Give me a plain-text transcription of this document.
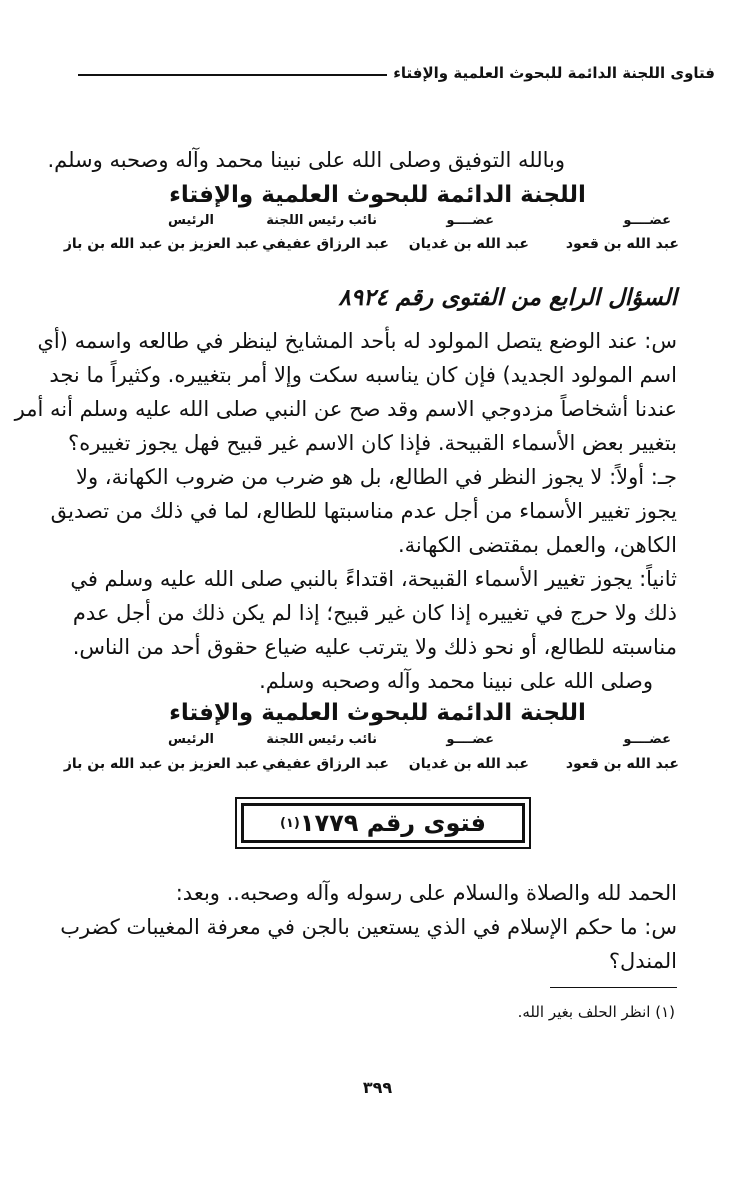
فتاوى اللجنة الدائمة للبحوث العلمية والإفتاء
وبالله التوفيق وصلى الله على نبينا محمد وآله وصحبه وسلم.
اللجنة الدائمة للبحوث العلمية والإفتاء
عضــــو
عضــــو
نائب رئيس اللجنة
الرئيس
عبد الله بن قعود
عبد الله بن غديان
عبد الرزاق عفيفي
عبد العزيز بن عبد الله بن باز
السؤال الرابع من الفتوى رقم ٨٩٢٤
س: عند الوضع يتصل المولود له بأحد المشايخ لينظر في طالعه واسمه (أي
اسم المولود الجديد) فإن كان يناسبه سكت وإلا أمر بتغييره. وكثيراً ما نجد
عندنا أشخاصاً مزدوجي الاسم وقد صح عن النبي صلى الله عليه وسلم أنه أمر
بتغيير بعض الأسماء القبيحة. فإذا كان الاسم غير قبيح فهل يجوز تغييره؟
جـ: أولاً: لا يجوز النظر في الطالع، بل هو ضرب من ضروب الكهانة، ولا
يجوز تغيير الأسماء من أجل عدم مناسبتها للطالع، لما في ذلك من تصديق
الكاهن، والعمل بمقتضى الكهانة.
ثانياً: يجوز تغيير الأسماء القبيحة، اقتداءً بالنبي صلى الله عليه وسلم في
ذلك ولا حرج في تغييره إذا كان غير قبيح؛ إذا لم يكن ذلك من أجل عدم
مناسبته للطالع، أو نحو ذلك ولا يترتب عليه ضياع حقوق أحد من الناس.
وصلى الله على نبينا محمد وآله وصحبه وسلم.
اللجنة الدائمة للبحوث العلمية والإفتاء
عضــــو
عضــــو
نائب رئيس اللجنة
الرئيس
عبد الله بن قعود
عبد الله بن غديان
عبد الرزاق عفيفي
عبد العزيز بن عبد الله بن باز
فتوى رقم ١٧٧٩
(١)
الحمد لله والصلاة والسلام على رسوله وآله وصحبه.. وبعد:
س: ما حكم الإسلام في الذي يستعين بالجن في معرفة المغيبات كضرب
المندل؟
(١) انظر الحلف بغير الله.
٣٩٩
